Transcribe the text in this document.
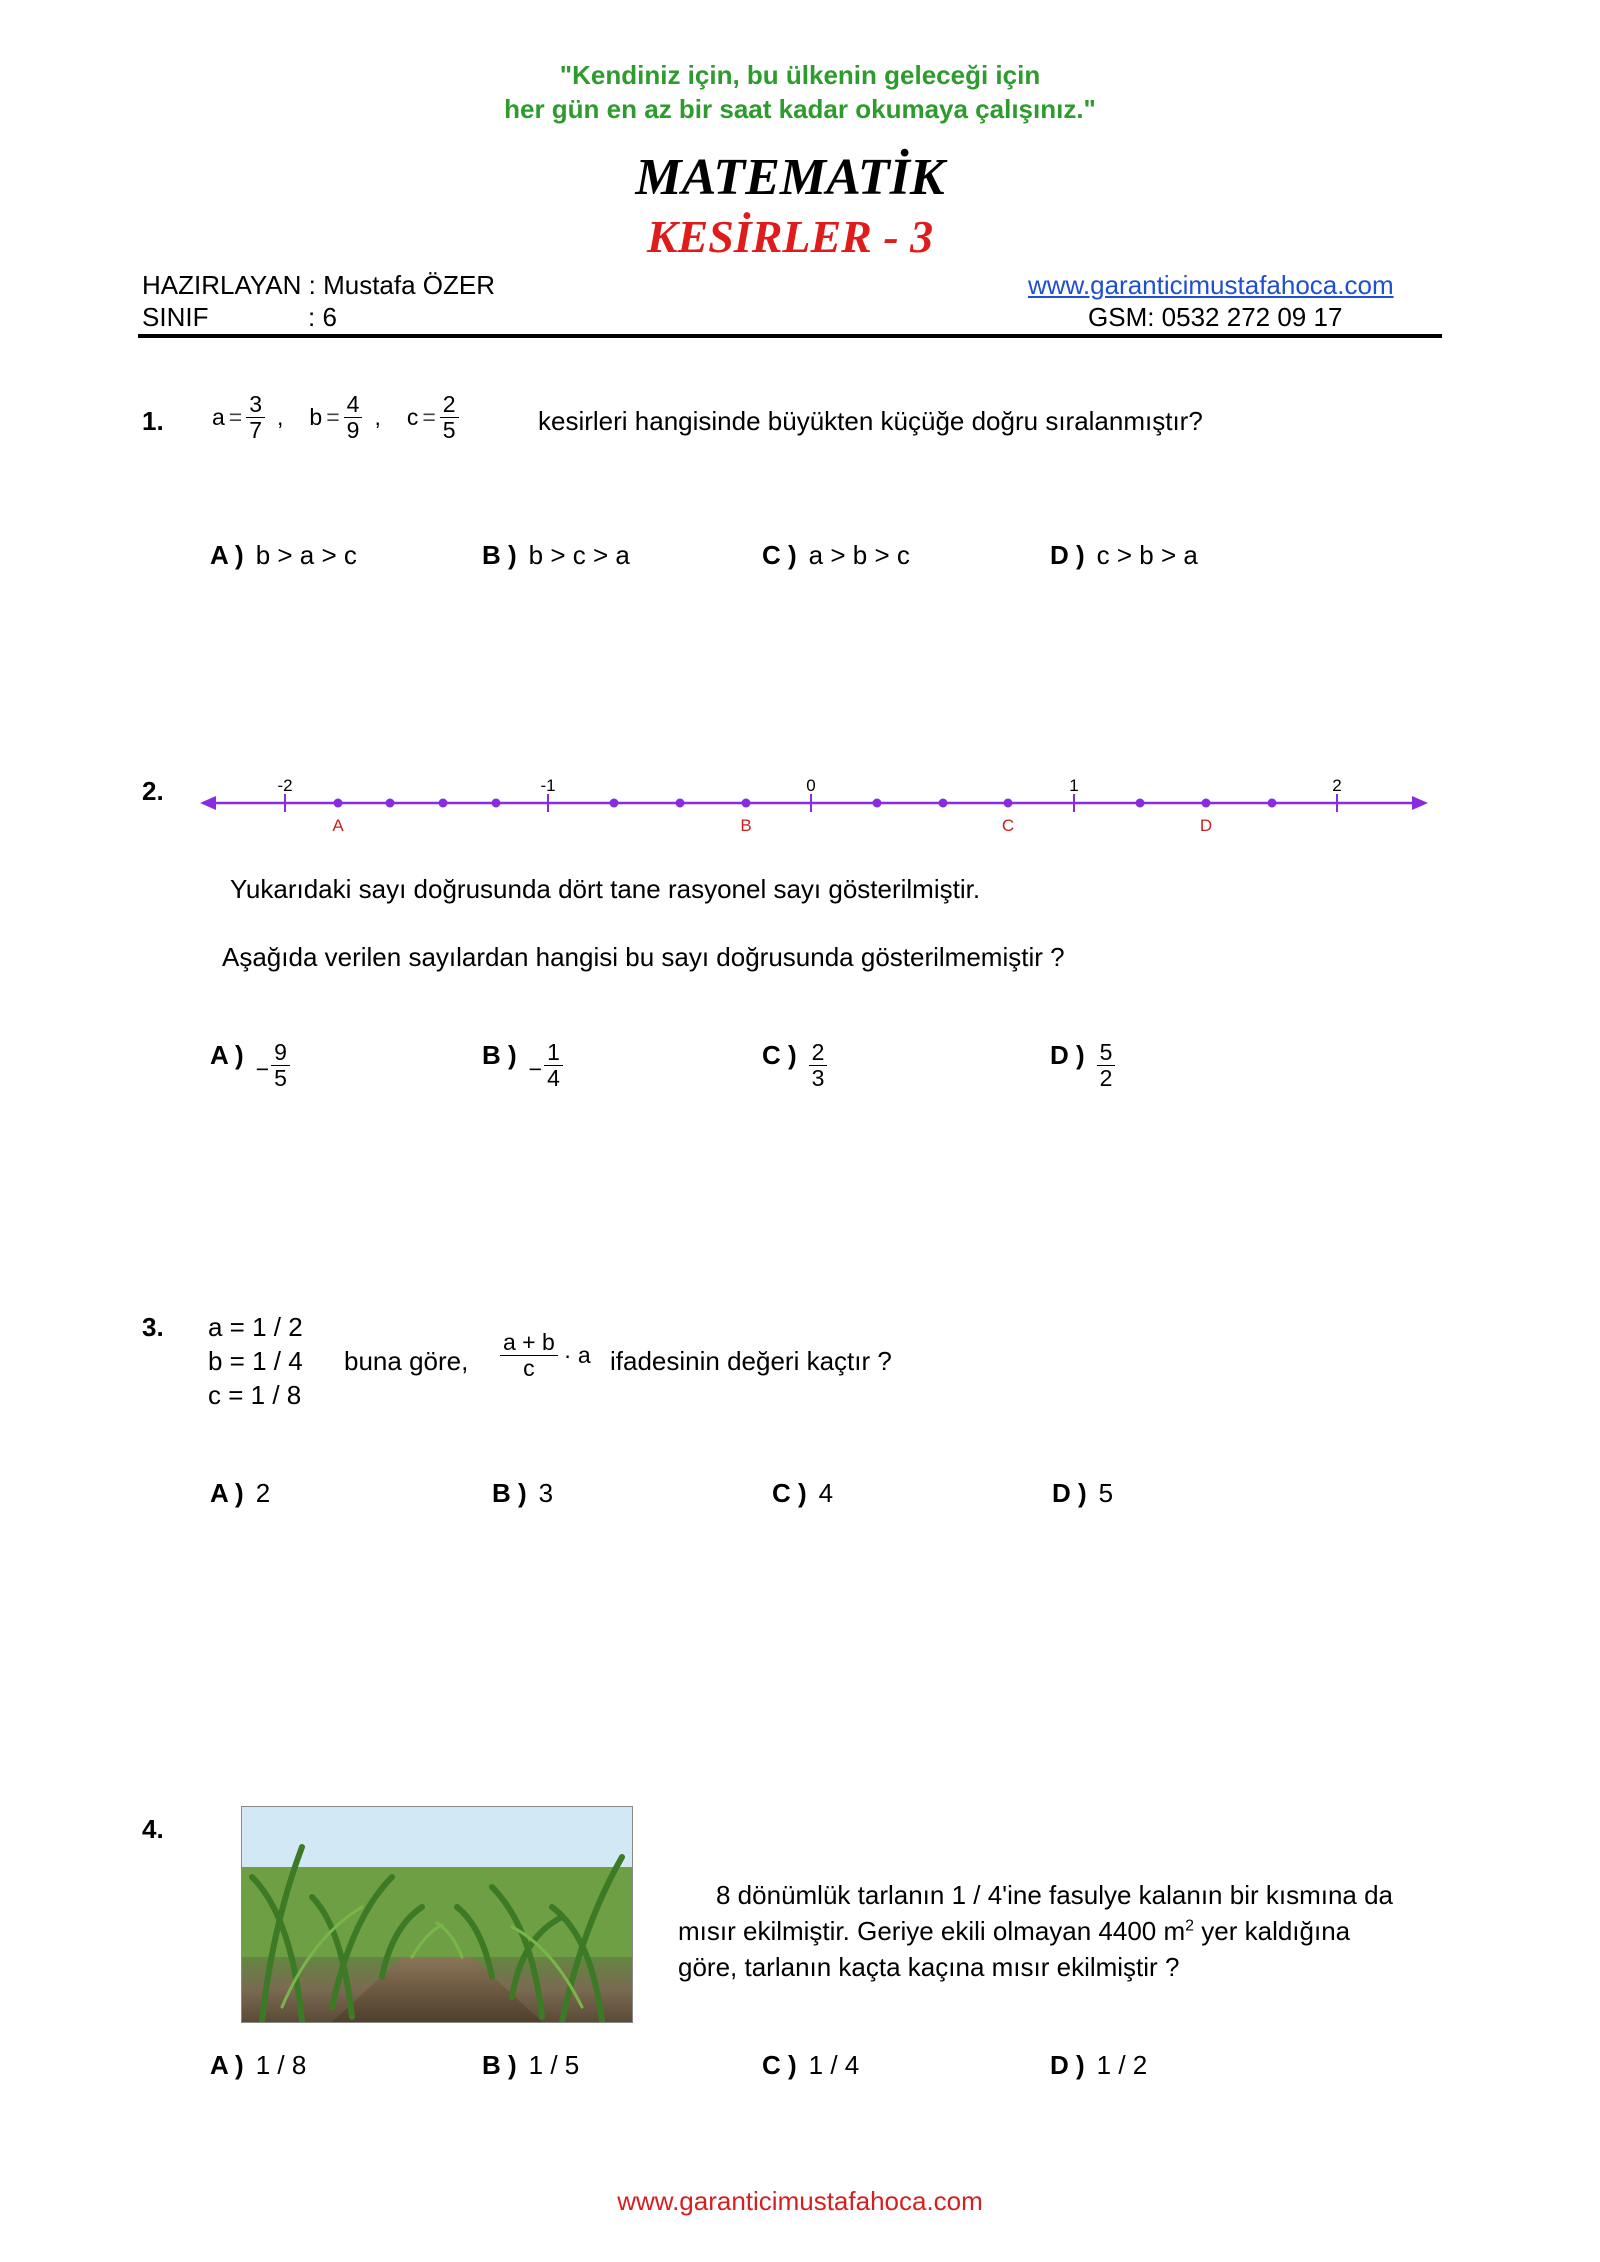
"Kendiniz için, bu ülkenin geleceği için
her gün en az bir saat kadar okumaya çalışınız."
MATEMATİK
KESİRLER - 3
HAZIRLAYAN : Mustafa ÖZER
SINIF	: 6
www.garanticimustafahoca.com
GSM: 0532 272 09 17
1. $a = \frac{3}{7}$ , $b = \frac{4}{9}$ , $c = \frac{2}{5}$	kesirleri hangisinde büyükten küçüğe doğru sıralanmıştır?
A ) b > a > c	B ) b > c > a	C ) a > b > c	D ) c > b > a
2.	-2	-1	0	1	2
A	B	C	D
Yukarıdaki sayı doğrusunda dört tane rasyonel sayı gösterilmiştir.
Aşağıda verilen sayılardan hangisi bu sayı doğrusunda gösterilmemiştir ?
A ) − $\frac{9}{5}$	B ) − $\frac{1}{4}$	C ) $\frac{2}{3}$	D ) $\frac{5}{2}$
3. a = 1 / 2
b = 1 / 4
c = 1 / 8
buna göre, $\frac{a + b}{c} \cdot a$ ifadesinin değeri kaçtır ?
A ) 2	B ) 3	C ) 4	D ) 5
4.
8 dönümlük tarlanın 1 / 4'ine fasulye kalanın bir kısmına da
mısır ekilmiştir. Geriye ekili olmayan 4400 $m^2$ yer kaldığına
göre, tarlanın kaçta kaçına mısır ekilmiştir ?
A ) 1 / 8	B ) 1 / 5	C ) 1 / 4	D ) 1 / 2
www.garanticimustafahoca.com
